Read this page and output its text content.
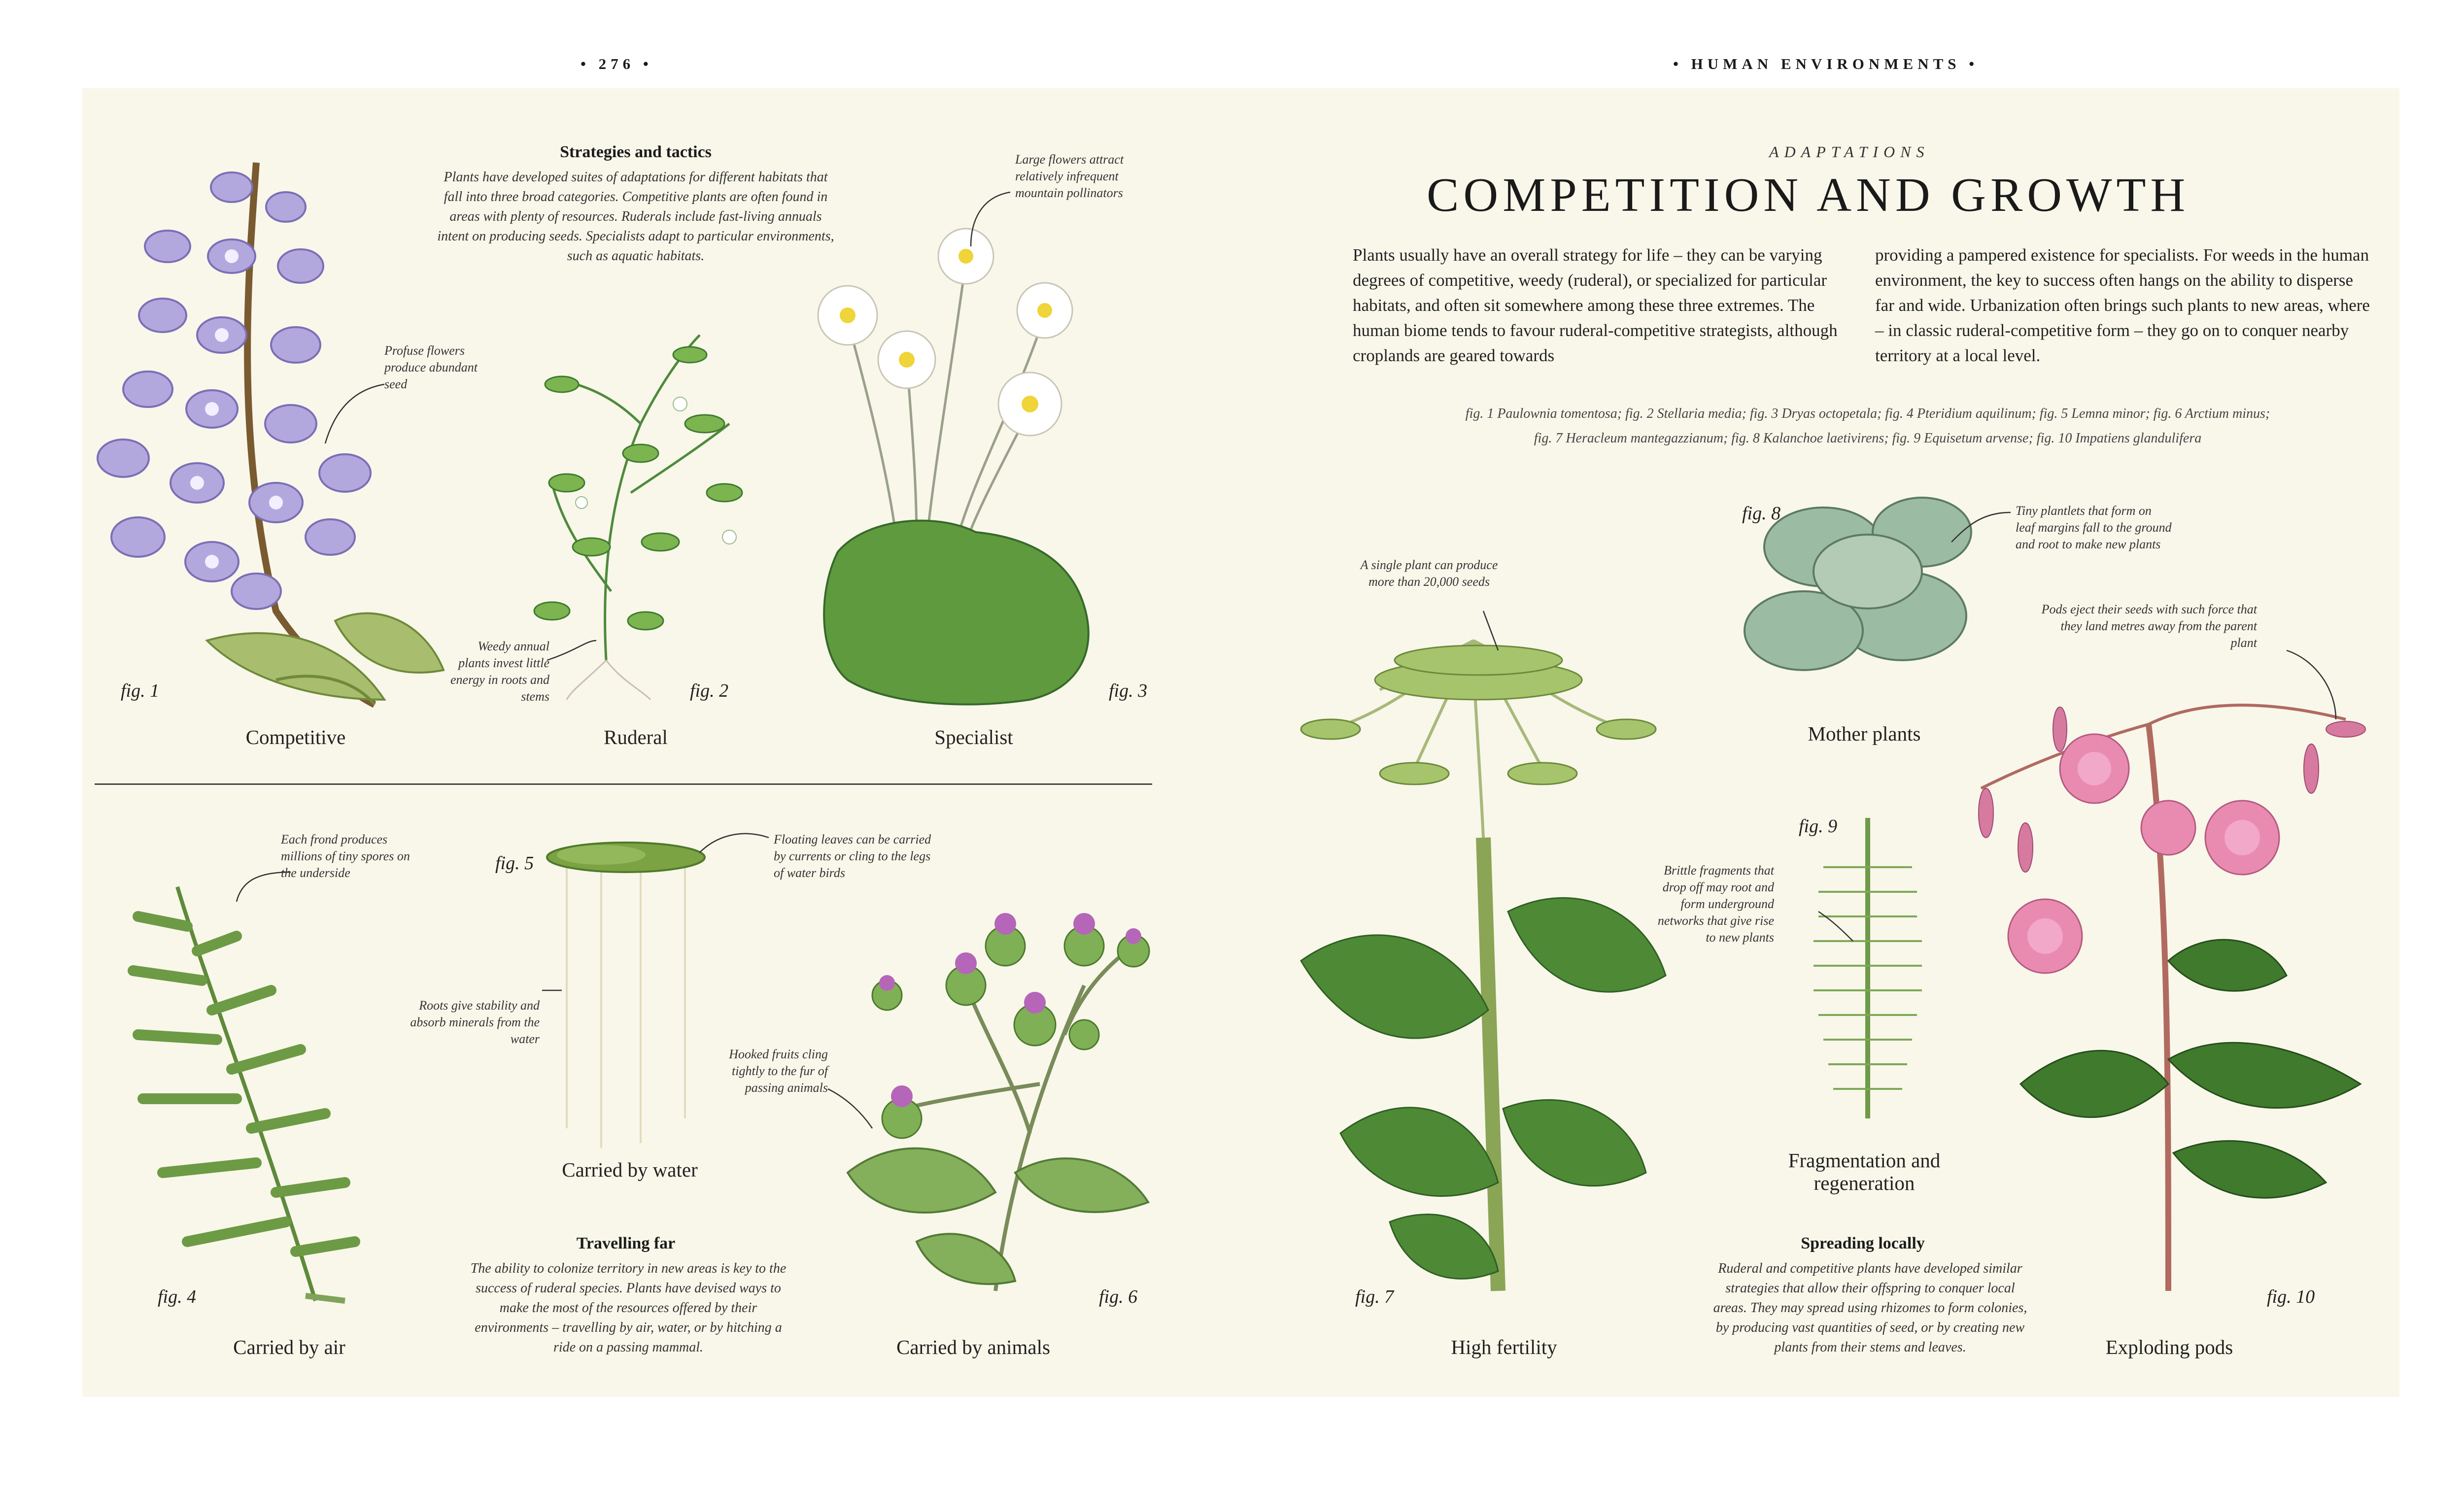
• 276 •	• HUMAN ENVIRONMENTS •
ADAPTATIONS
COMPETITION AND GROWTH
Plants usually have an overall strategy for life – they can be varying degrees of competitive, weedy (ruderal), or specialized for particular habitats, and often sit somewhere among these three extremes. The human biome tends to favour ruderal-competitive strategists, although croplands are geared towards
providing a pampered existence for specialists. For weeds in the human environment, the key to success often hangs on the ability to disperse far and wide. Urbanization often brings such plants to new areas, where – in classic ruderal-competitive form – they go on to conquer nearby territory at a local level.
fig. 1 Paulownia tomentosa; fig. 2 Stellaria media; fig. 3 Dryas octopetala; fig. 4 Pteridium aquilinum; fig. 5 Lemna minor; fig. 6 Arctium minus;
fig. 7 Heracleum mantegazzianum; fig. 8 Kalanchoe laetivirens; fig. 9 Equisetum arvense; fig. 10 Impatiens glandulifera
Strategies and tactics
Plants have developed suites of adaptations for different habitats that fall into three broad categories. Competitive plants are often found in areas with plenty of resources. Ruderals include fast-living annuals intent on producing seeds. Specialists adapt to particular environments, such as aquatic habitats.
Travelling far
The ability to colonize territory in new areas is key to the success of ruderal species. Plants have devised ways to make the most of the resources offered by their environments – travelling by air, water, or by hitching a ride on a passing mammal.
Spreading locally
Ruderal and competitive plants have developed similar strategies that allow their offspring to conquer local areas. They may spread using rhizomes to form colonies, by producing vast quantities of seed, or by creating new plants from their stems and leaves.
Profuse flowers produce abundant seed
Weedy annual plants invest little energy in roots and stems
Large flowers attract relatively infrequent mountain pollinators
Each frond produces millions of tiny spores on the underside
Floating leaves can be carried by currents or cling to the legs of water birds
Roots give stability and absorb minerals from the water
Hooked fruits cling tightly to the fur of passing animals
A single plant can produce more than 20,000 seeds
Tiny plantlets that form on leaf margins fall to the ground and root to make new plants
Brittle fragments that drop off may root and form underground networks that give rise to new plants
Pods eject their seeds with such force that they land metres away from the parent plant
fig. 1	fig. 2	fig. 3
fig. 4
fig. 5
fig. 6	fig. 7
fig. 8
fig. 9
fig. 10
Competitive	Ruderal	Specialist
Carried by air
Carried by water
Carried by animals	High fertility
Mother plants
Fragmentation and regeneration
Exploding pods
